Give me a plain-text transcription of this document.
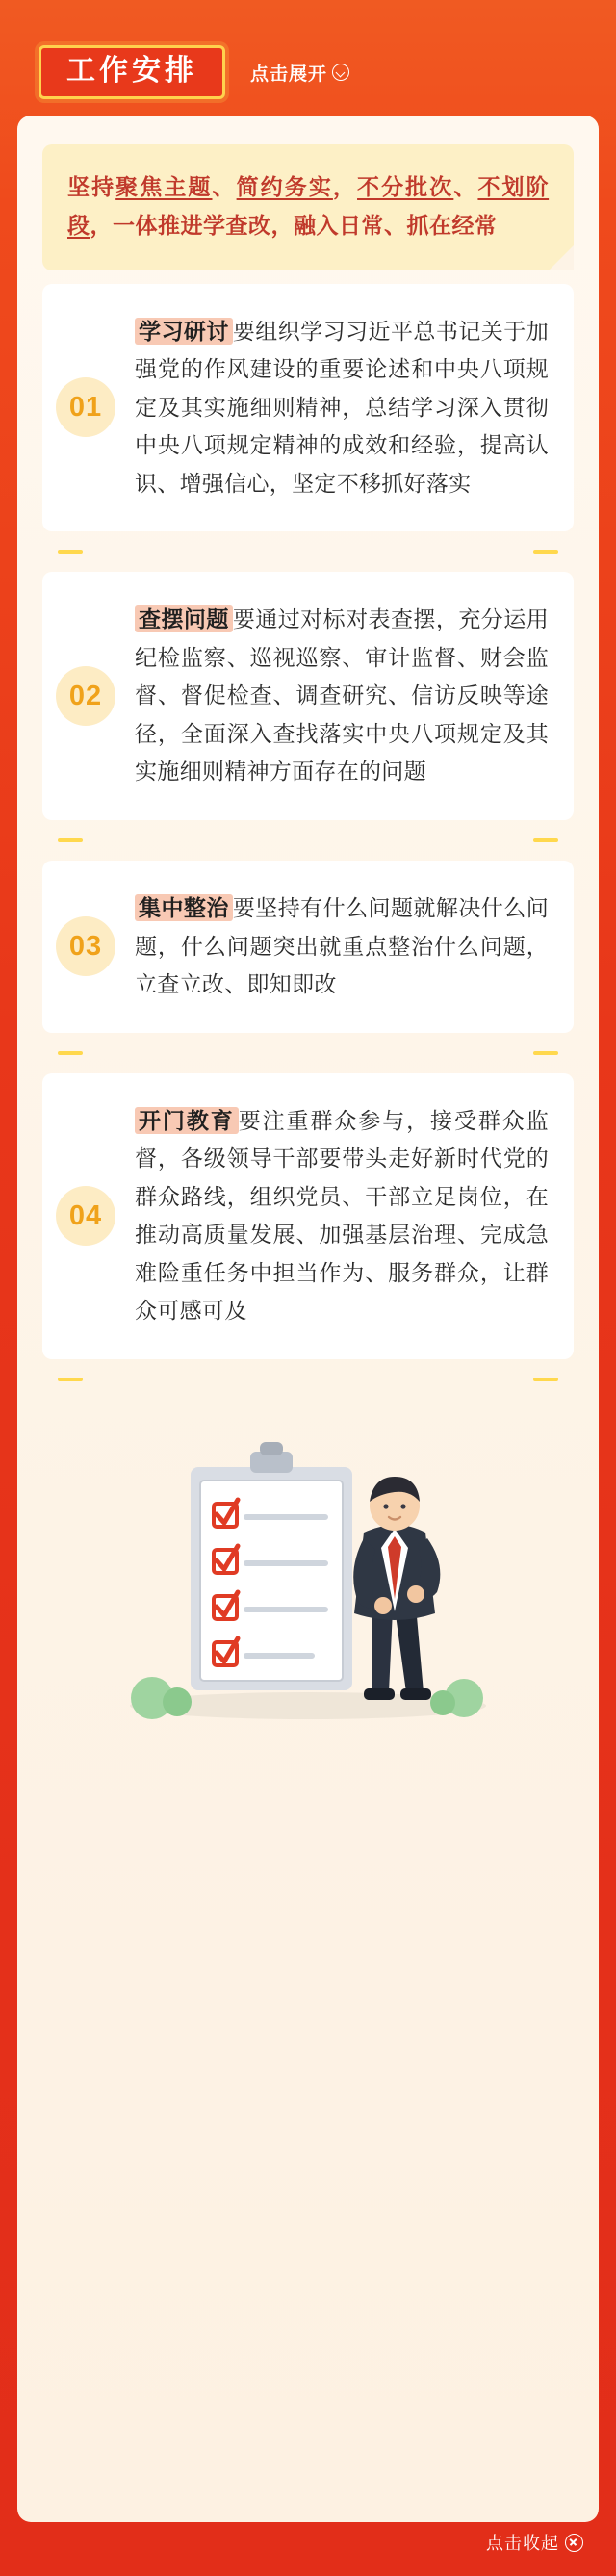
工作安排	点击展开

坚持聚焦主题、简约务实，不分批次、不划阶段，一体推进学查改，融入日常、抓在经常

01

学习研讨 要组织学习习近平总书记关于加强党的作风建设的重要论述和中央八项规定及其实施细则精神，总结学习深入贯彻中央八项规定精神的成效和经验，提高认识、增强信心，坚定不移抓好落实

02

查摆问题 要通过对标对表查摆，充分运用纪检监察、巡视巡察、审计监督、财会监督、督促检查、调查研究、信访反映等途径，全面深入查找落实中央八项规定及其实施细则精神方面存在的问题

03

集中整治 要坚持有什么问题就解决什么问题，什么问题突出就重点整治什么问题，立查立改、即知即改

04

开门教育 要注重群众参与，接受群众监督，各级领导干部要带头走好新时代党的群众路线，组织党员、干部立足岗位，在推动高质量发展、加强基层治理、完成急难险重任务中担当作为、服务群众，让群众可感可及

点击收起
